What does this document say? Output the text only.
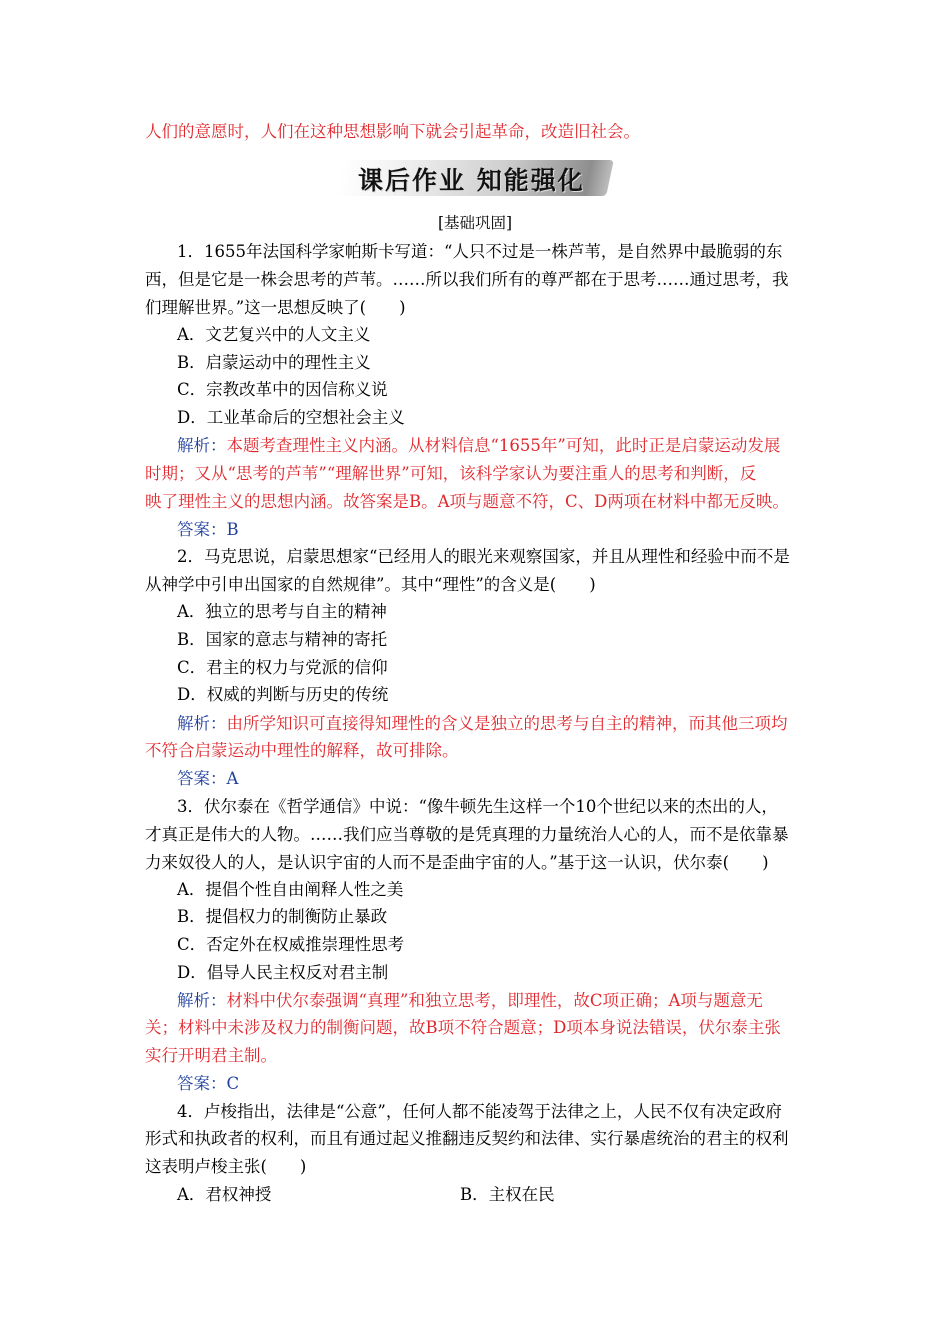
人们的意愿时，人们在这种思想影响下就会引起革命，改造旧社会。
课后作业 知能强化
[基础巩固]
1．1655年法国科学家帕斯卡写道：“人只不过是一株芦苇，是自然界中最脆弱的东
西，但是它是一株会思考的芦苇。……所以我们所有的尊严都在于思考……通过思考，我
们理解世界。”这一思想反映了(　　)
A．文艺复兴中的人文主义
B．启蒙运动中的理性主义
C．宗教改革中的因信称义说
D．工业革命后的空想社会主义
解析：本题考查理性主义内涵。从材料信息“1655年”可知，此时正是启蒙运动发展
时期；又从“思考的芦苇”“理解世界”可知，该科学家认为要注重人的思考和判断，反
映了理性主义的思想内涵。故答案是B。A项与题意不符，C、D两项在材料中都无反映。
答案：B
2．马克思说，启蒙思想家“已经用人的眼光来观察国家，并且从理性和经验中而不是
从神学中引申出国家的自然规律”。其中“理性”的含义是(　　)
A．独立的思考与自主的精神
B．国家的意志与精神的寄托
C．君主的权力与党派的信仰
D．权威的判断与历史的传统
解析：由所学知识可直接得知理性的含义是独立的思考与自主的精神，而其他三项均
不符合启蒙运动中理性的解释，故可排除。
答案：A
3．伏尔泰在《哲学通信》中说：“像牛顿先生这样一个10个世纪以来的杰出的人，
才真正是伟大的人物。……我们应当尊敬的是凭真理的力量统治人心的人，而不是依靠暴
力来奴役人的人，是认识宇宙的人而不是歪曲宇宙的人。”基于这一认识，伏尔泰(　　)
A．提倡个性自由阐释人性之美
B．提倡权力的制衡防止暴政
C．否定外在权威推崇理性思考
D．倡导人民主权反对君主制
解析：材料中伏尔泰强调“真理”和独立思考，即理性，故C项正确；A项与题意无
关；材料中未涉及权力的制衡问题，故B项不符合题意；D项本身说法错误，伏尔泰主张
实行开明君主制。
答案：C
4．卢梭指出，法律是“公意”，任何人都不能凌驾于法律之上，人民不仅有决定政府
形式和执政者的权利，而且有通过起义推翻违反契约和法律、实行暴虐统治的君主的权利
这表明卢梭主张(　　)
A．君权神授	B．主权在民
